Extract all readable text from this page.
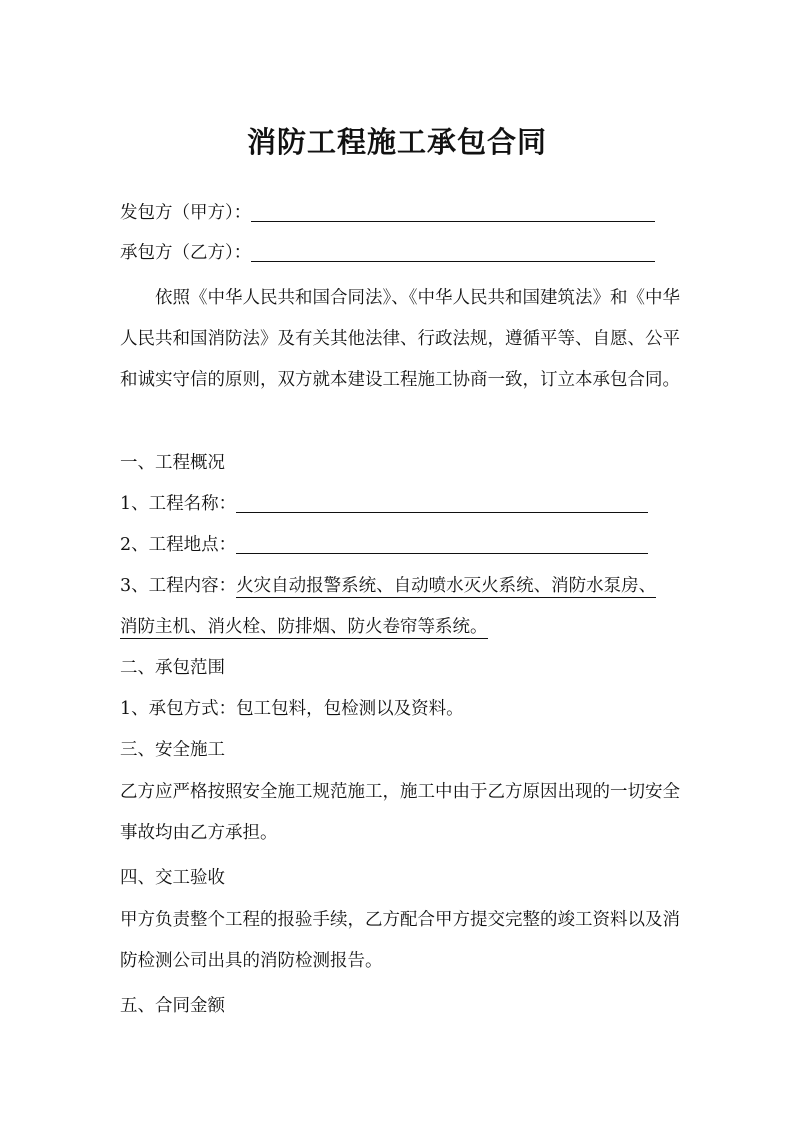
消防工程施工承包合同
发包方（甲方）：
承包方（乙方）：

依照《中华人民共和国合同法》、《中华人民共和国建筑法》和《中华人民共和国消防法》及有关其他法律、行政法规，遵循平等、自愿、公平和诚实守信的原则，双方就本建设工程施工协商一致，订立本承包合同。

一、工程概况
1、工程名称：
2、工程地点：
3、工程内容：火灾自动报警系统、自动喷水灭火系统、消防水泵房、
消防主机、消火栓、防排烟、防火卷帘等系统。
二、承包范围
1、承包方式：包工包料，包检测以及资料。
三、安全施工

乙方应严格按照安全施工规范施工，施工中由于乙方原因出现的一切安全事故均由乙方承担。

四、交工验收

甲方负责整个工程的报验手续，乙方配合甲方提交完整的竣工资料以及消防检测公司出具的消防检测报告。

五、合同金额
